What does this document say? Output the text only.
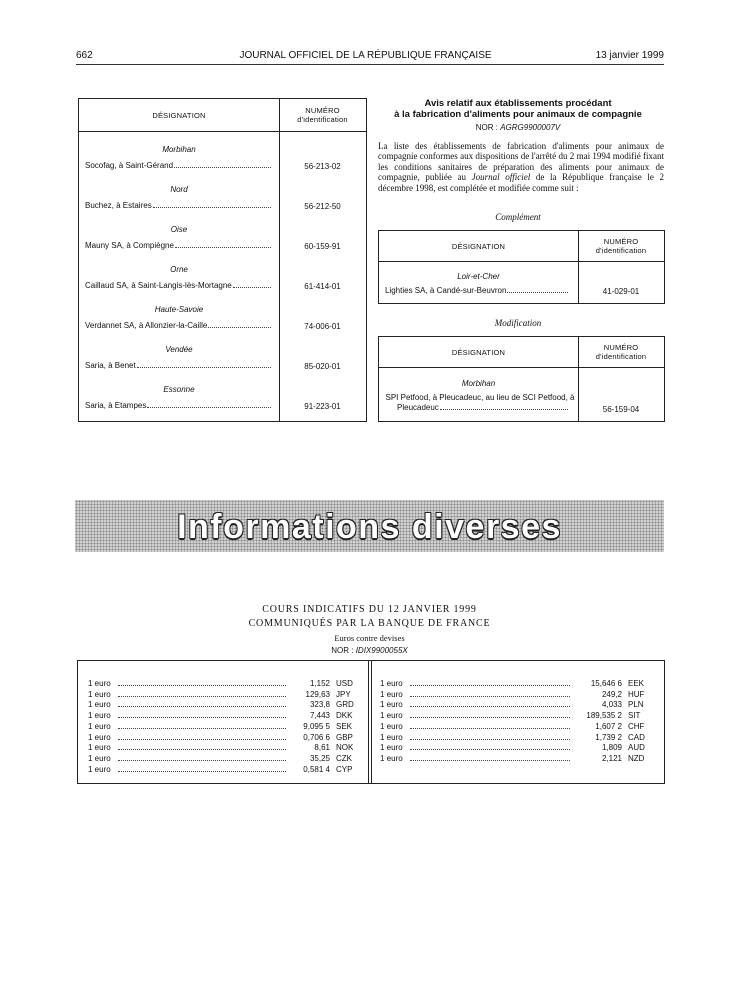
662	JOURNAL OFFICIEL DE LA RÉPUBLIQUE FRANÇAISE	13 janvier 1999
DÉSIGNATION
NUMÉRO
d'identification
Morbihan
Socofag, à Saint-Gérand	56-213-02
Nord
Buchez, à Estaires	56-212-50
Oise
Mauny SA, à Compiègne	60-159-91
Orne
Caillaud SA, à Saint-Langis-lès-Mortagne	61-414-01
Haute-Savoie
Verdannet SA, à Allonzier-la-Caille	74-006-01
Vendée
Saria, à Benet	85-020-01
Essonne
Saria, à Etampes	91-223-01
Avis relatif aux établissements procédant
à la fabrication d'aliments pour animaux de compagnie
NOR : AGRG9900007V
La liste des établissements de fabrication d'aliments pour animaux de compagnie conformes aux dispositions de l'arrêté du 2 mai 1994 modifié fixant les conditions sanitaires de préparation des aliments pour animaux de compagnie, publiée au Journal officiel de la République française le 2 décembre 1998, est complétée et modifiée comme suit :
Complément
DÉSIGNATION
NUMÉRO
d'identification
Loir-et-Cher
Lighties SA, à Candé-sur-Beuvron	41-029-01
Modification
DÉSIGNATION
NUMÉRO
d'identification
Morbihan
SPI Petfood, à Pleucadeuc, au lieu de SCI Petfood, à
Pleucadeuc	56-159-04
Informations diverses
COURS INDICATIFS DU 12 JANVIER 1999
COMMUNIQUÉS PAR LA BANQUE DE FRANCE
Euros contre devises
NOR : IDIX9900055X
1 euro	1,152 USD
1 euro	129,63 JPY
1 euro	323,8 GRD
1 euro	7,443 DKK
1 euro	9,095 5 SEK
1 euro	0,706 6 GBP
1 euro	8,61 NOK
1 euro	35,25 CZK
1 euro	0,581 4 CYP
1 euro	15,646 6 EEK
1 euro	249,2 HUF
1 euro	4,033 PLN
1 euro	189,535 2 SIT
1 euro	1,607 2 CHF
1 euro	1,739 2 CAD
1 euro	1,809 AUD
1 euro	2,121 NZD
